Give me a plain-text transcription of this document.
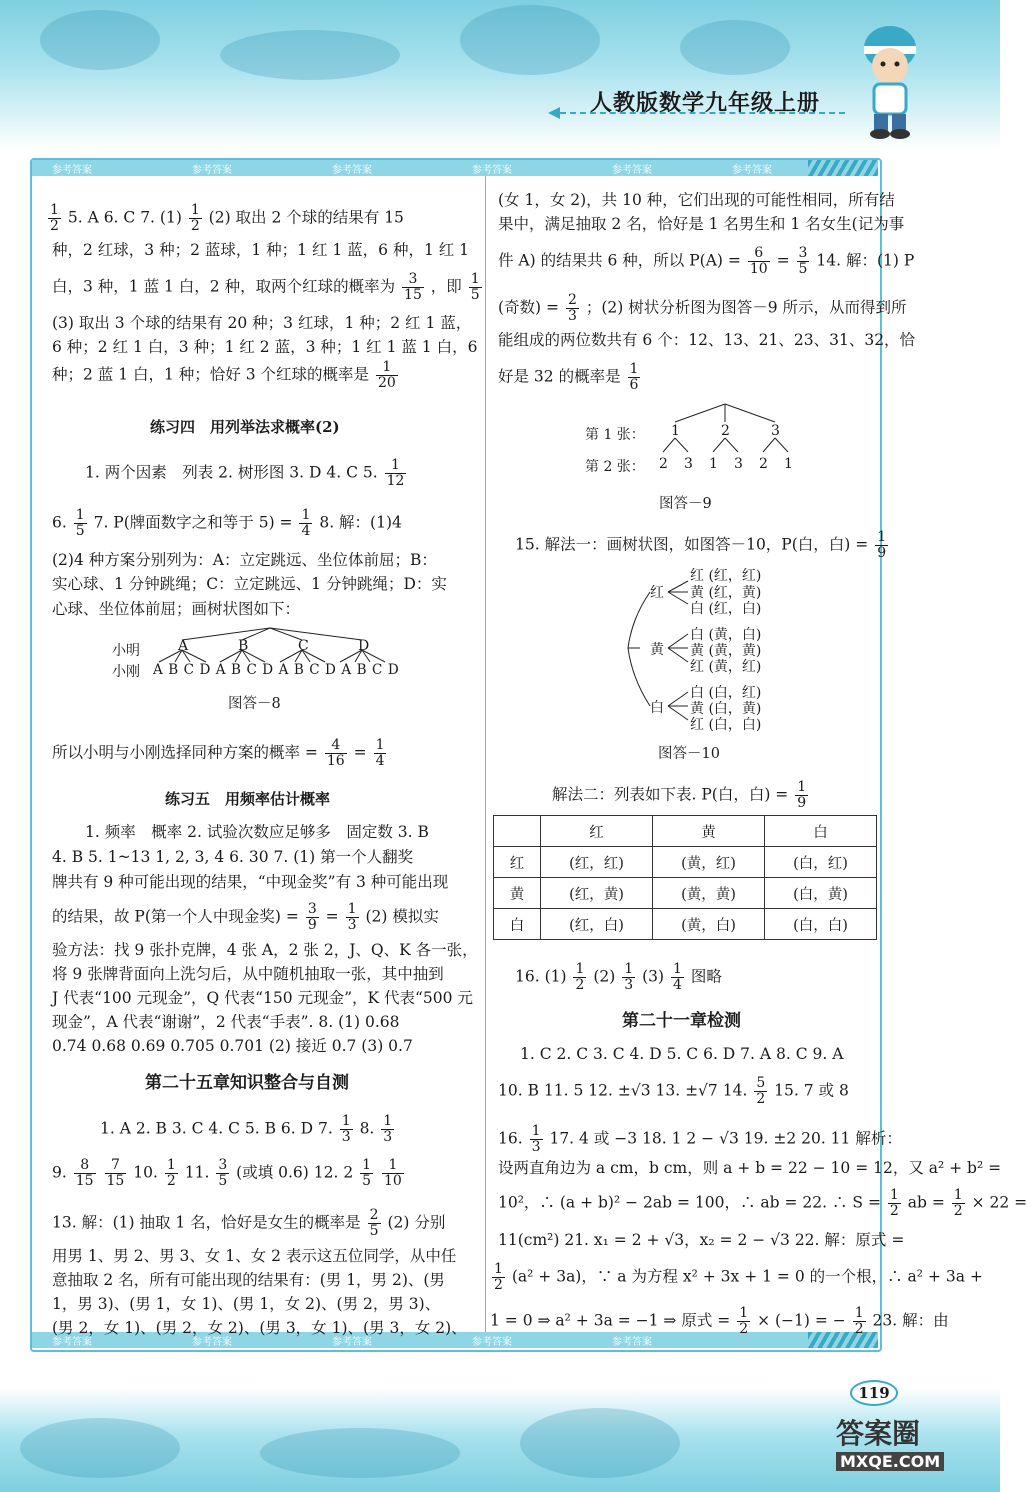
人教版数学九年级上册
参考答案	参考答案	参考答案	参考答案	参考答案	参考答案
参考答案	参考答案	参考答案	参考答案	参考答案
$\frac{1}{2} 5$. A 6. C 7. $(1) \frac{1}{2} (2)$ 取出 2 个球的结果有 15
种，2 红球，3 种；2 蓝球，1 种；1 红 1 蓝，6 种，1 红 1
白，3 种，1 蓝 1 白，2 种，取两个红球的概率为 $\frac{3}{15}$ ，即 $\frac{1}{5}$
(3) 取出 3 个球的结果有 20 种；3 红球，1 种；2 红 1 蓝，
6 种；2 红 1 白，3 种；1 红 2 蓝，3 种；1 红 1 蓝 1 白，6
种；2 蓝 1 白，1 种；恰好 3 个红球的概率是 $\frac{1}{20}$
练习四　用列举法求概率(2)
1. 两个因素　列表 2. 树形图 3. D 4. C 5. $\frac{1}{12}$
6. $\frac{1}{5} 7$. P(牌面数字之和等于 $5) = \frac{1}{4} 8$. 解：(1)4
(2)4 种方案分别列为：A：立定跳远、坐位体前屈；B：
实心球、1 分钟跳绳；C：立定跳远、1 分钟跳绳；D：实
心球、坐位体前屈；画树状图如下：
小明
小刚
A	B	C	D
A B C D A B C D A B C D A B C D
图答－8
所以小明与小刚选择同种方案的概率 = $\frac{4}{16} = \frac{1}{4}$
练习五　用频率估计概率
1. 频率　概率 2. 试验次数应足够多　固定数 3. B
4. B 5. 1~13 1, 2, 3, 4 6. 30 7. (1) 第一个人翻奖
牌共有 9 种可能出现的结果，“中现金奖”有 3 种可能出现
的结果，故 P(第一个人中现金奖) = $\frac{3}{9} = \frac{1}{3} (2)$ 模拟实
验方法：找 9 张扑克牌，4 张 A，2 张 2，J、Q、K 各一张，
将 9 张牌背面向上洗匀后，从中随机抽取一张，其中抽到
J 代表“100 元现金”，Q 代表“150 元现金”，K 代表“500 元
现金”，A 代表“谢谢”，2 代表“手表”. 8. (1) 0.68
0.74 0.68 0.69 0.705 0.701 (2) 接近 0.7 (3) 0.7
第二十五章知识整合与自测
1. A 2. B 3. C 4. C 5. B 6. D 7. $\frac{1}{3} 8$. $\frac{1}{3}$
9. $\frac{8}{15}$
$\frac{7}{15} 10$. $\frac{1}{2} 11$. $\frac{3}{5}$ (或填 0.6) 12. $2 \frac{1}{5}$
$\frac{1}{10}$
13. 解：(1) 抽取 1 名，恰好是女生的概率是 $\frac{2}{5} (2)$ 分别
用男 1、男 2、男 3、女 1、女 2 表示这五位同学，从中任
意抽取 2 名，所有可能出现的结果有：(男 1，男 2)、(男
1，男 3)、(男 1，女 1)、(男 1，女 2)、(男 2，男 3)、
(男 2，女 1)、(男 2，女 2)、(男 3，女 1)、(男 3，女 2)、
(女 1，女 2)，共 10 种，它们出现的可能性相同，所有结
果中，满足抽取 2 名，恰好是 1 名男生和 1 名女生(记为事
件 A) 的结果共 6 种，所以 $P(A) = \frac{6}{10} = \frac{3}{5} 14$. 解：(1) P
(奇数) = $\frac{2}{3}$ ；(2) 树状分析图为图答－9 所示，从而得到所
能组成的两位数共有 6 个：12、13、21、23、31、32，恰
好是 32 的概率是 $\frac{1}{6}$
第 1 张：
第 2 张：
1	2	3
2 3 1 3 2 1
图答－9
15. 解法一：画树状图，如图答－10，P(白，白) = $\frac{1}{9}$
红
黄
白
红 (红，红)
黄 (红，黄)
白 (红，白)
白 (黄，白)
黄 (黄，黄)
红 (黄，红)
白 (白，红)
黄 (白，黄)
红 (白，白)
图答－10
解法二：列表如下表. P(白，白) = $\frac{1}{9}$
	红	黄	白
红	(红，红)	(黄，红)	(白，红)
黄	(红，黄)	(黄，黄)	(白，黄)
白	(红，白)	(黄，白)	(白，白)
16. $(1) \frac{1}{2} (2) \frac{1}{3} (3) \frac{1}{4}$ 图略
第二十一章检测
1. C 2. C 3. C 4. D 5. C 6. D 7. A 8. C 9. A
10. B 11. 5 12. ±√3 13. ±√7 14. $\frac{5}{2} 15$. 7 或 8
16. $\frac{1}{3} 17$. 4 或 −3 18. 1 2 − √3 19. ±2 20. 11 解析：
设两直角边为 a cm，b cm，则 a + b = 22 − 10 = 12，又 a² + b² =
10²，∴ (a + b)² − 2ab = 100，∴ ab = 22. ∴ $S = \frac{1}{2}$ ab = $\frac{1}{2} \times 22$ =
11(cm²) 21. x₁ = 2 + √3，x₂ = 2 − √3 22. 解：原式 =
$\frac{1}{2} (a^2 + 3a)$，∵ a 为方程 x² + 3x + 1 = 0 的一个根，∴ a² + 3a +
1 = 0 ⇒ a² + 3a = −1 ⇒ 原式 = $\frac{1}{2} \times (-1)$ = − $\frac{1}{2} 23$. 解：由
119
答案圈
MXQE.COM
